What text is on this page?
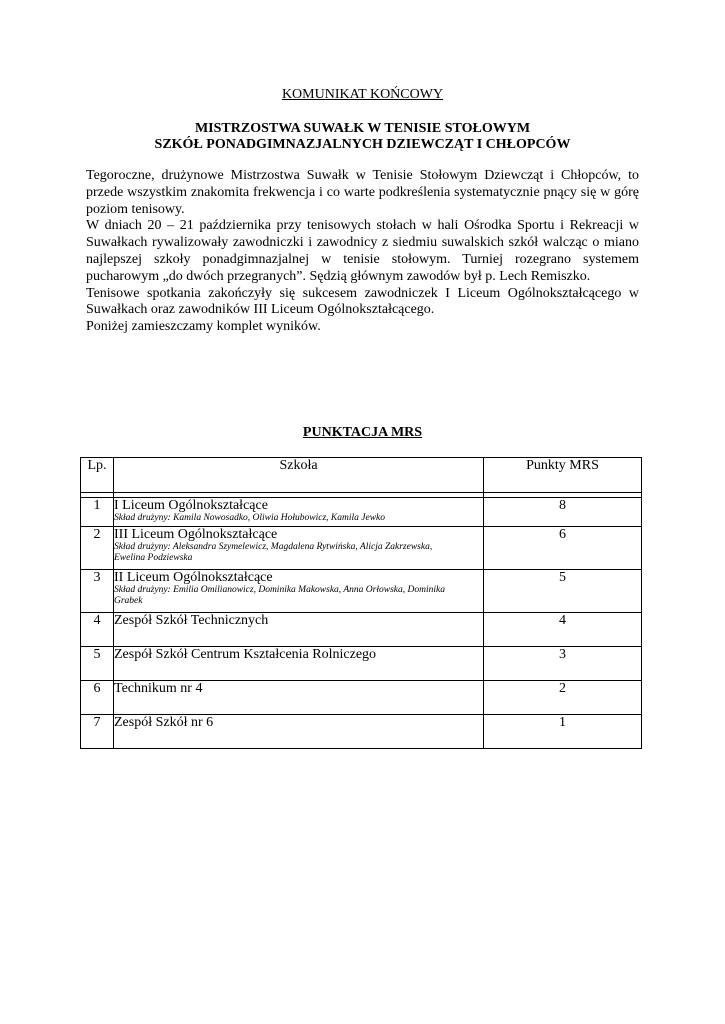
KOMUNIKAT KOŃCOWY

MISTRZOSTWA SUWAŁK W TENISIE STOŁOWYM
SZKÓŁ PONADGIMNAZJALNYCH DZIEWCZĄT I CHŁOPCÓW

Tegoroczne, drużynowe Mistrzostwa Suwałk w Tenisie Stołowym Dziewcząt i Chłopców, to przede wszystkim znakomita frekwencja i co warte podkreślenia systematycznie pnący się w górę poziom tenisowy.

W dniach 20 – 21 października przy tenisowych stołach w hali Ośrodka Sportu i Rekreacji w Suwałkach rywalizowały zawodniczki i zawodnicy z siedmiu suwalskich szkół walcząc o miano najlepszej szkoły ponadgimnazjalnej w tenisie stołowym. Turniej rozegrano systemem pucharowym „do dwóch przegranych”. Sędzią głównym zawodów był p. Lech Remiszko.

Tenisowe spotkania zakończyły się sukcesem zawodniczek I Liceum Ogólnokształcącego w Suwałkach oraz zawodników III Liceum Ogólnokształcącego.

Poniżej zamieszczamy komplet wyników.

PUNKTACJA MRS

Lp.	Szkoła	Punkty MRS

1	I Liceum Ogólnokształcące
Skład drużyny: Kamila Nowosadko, Oliwia Hołubowicz, Kamila Jewko	8
2	III Liceum Ogólnokształcące
Skład drużyny: Aleksandra Szymelewicz, Magdalena Rytwińska, Alicja Zakrzewska, Ewelina Podziewska	6
3	II Liceum Ogólnokształcące
Skład drużyny: Emilia Omilianowicz, Dominika Makowska, Anna Orłowska, Dominika Grabek	5
4	Zespół Szkół Technicznych	4
5	Zespół Szkół Centrum Kształcenia Rolniczego	3
6	Technikum nr 4	2
7	Zespół Szkół nr 6	1
